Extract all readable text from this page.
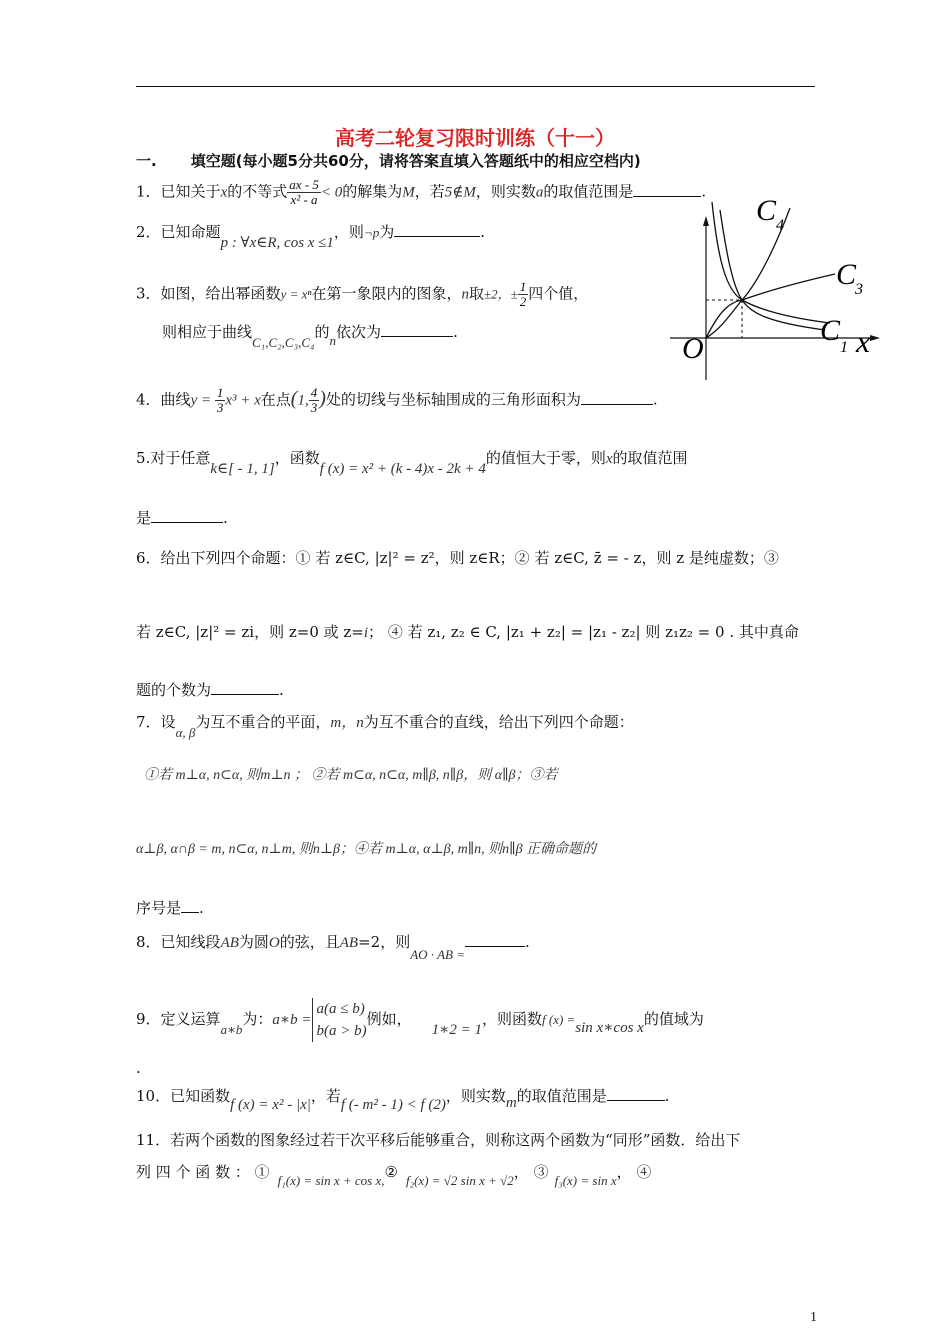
高考二轮复习限时训练（十一）
一. 填空题(每小题5分共60分，请将答案直填入答题纸中的相应空档内)
1．已知关于x的不等式 $\frac{ax - 5}{\text{x² - a}} < 0$的解集为M，若5∉M，则实数a的取值范围是	.
2．已知命题p : ∀x∈R, cos x ≤1，则¬p为	.
3．如图，给出幂函数y = xⁿ在第一象限内的图象，n取±2，± $\frac{1}{2}$ 四个值，
则相应于曲线C₁,C₂,C₃,C₄的n依次为	.
C 4
C
3
C
1 x
O
4．曲线$y = \frac{1}{3} x^3 + x$在点(1, $\frac{4}{3}$ )处的切线与坐标轴围成的三角形面积为	.
5.对于任意k∈[ - 1, 1]，函数f (x) = x² + (k - 4)x - 2k + 4的值恒大于零，则x的取值范围
是	.
6．给出下列四个命题：① 若 z∈C, |z|² = z²，则 z∈R；② 若 z∈C, z̄ = - z，则 z 是纯虚数；③
若 z∈C, |z|² = zi，则 z=0 或 z=i； ④ 若 z₁, z₂ ∈ C, |z₁ + z₂| = |z₁ - z₂| 则 z₁z₂ = 0 . 其中真命
题的个数为	.
7．设α, β为互不重合的平面，m，n为互不重合的直线，给出下列四个命题：
①若 m⊥α, n⊂α, 则m⊥n ； ②若 m⊂α, n⊂α, m∥β, n∥β，则 α∥β；③若
α⊥β, α∩β = m, n⊂α, n⊥m, 则n⊥β；④若 m⊥α, α⊥β, m∥n, 则n∥β 正确命题的
序号是 .
8．已知线段AB为圆O的弦，且AB=2，则AO · AB =.
9．定义运算a∗b为：a∗b =
a(a ≤ b)
b(a > b)
例如，1∗2 = 1，则函数f (x) =sin x∗cos x的值域为
.
10．已知函数f (x) = x² - |x|，若f (- m² - 1) < f (2)，则实数m的取值范围是	.
11．若两个函数的图象经过若干次平移后能够重合，则称这两个函数为“同形”函数．给出下
列 四 个 函 数 ： ① f₁(x) = sin x + cos x,② f₂(x) = √2 sin x + √2， ③ f₃(x) = sin x， ④
1
